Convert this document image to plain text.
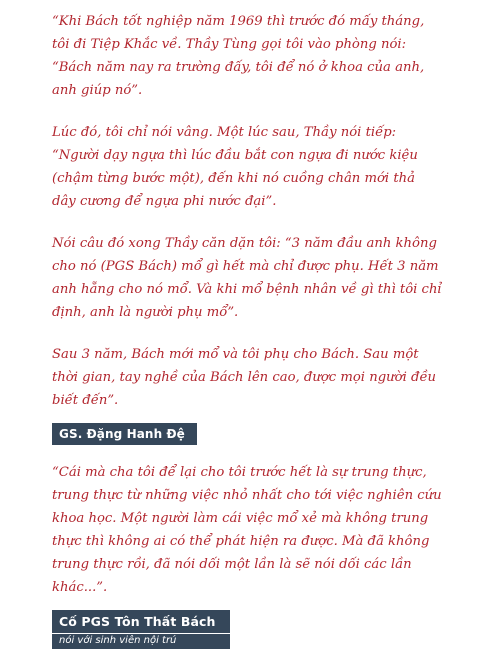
“Khi Bách tốt nghiệp năm 1969 thì trước đó mấy tháng, tôi đi Tiệp Khắc về. Thầy Tùng gọi tôi vào phòng nói: “Bách năm nay ra trường đấy, tôi để nó ở khoa của anh, anh giúp nó”.

Lúc đó, tôi chỉ nói vâng. Một lúc sau, Thầy nói tiếp: “Người dạy ngựa thì lúc đầu bắt con ngựa đi nước kiệu (chậm từng bước một), đến khi nó cuồng chân mới thả dây cương để ngựa phi nước đại”.

Nói câu đó xong Thầy căn dặn tôi: “3 năm đầu anh không cho nó (PGS Bách) mổ gì hết mà chỉ được phụ. Hết 3 năm anh hẵng cho nó mổ. Và khi mổ bệnh nhân về gì thì tôi chỉ định, anh là người phụ mổ”.

Sau 3 năm, Bách mới mổ và tôi phụ cho Bách. Sau một thời gian, tay nghề của Bách lên cao, được mọi người đều biết đến”.

GS. Đặng Hanh Đệ

“Cái mà cha tôi để lại cho tôi trước hết là sự trung thực, trung thực từ những việc nhỏ nhất cho tới việc nghiên cứu khoa học. Một người làm cái việc mổ xẻ mà không trung thực thì không ai có thể phát hiện ra được. Mà đã không trung thực rồi, đã nói dối một lần là sẽ nói dối các lần khác...”.

Cố PGS Tôn Thất Bách
nói với sinh viên nội trú
